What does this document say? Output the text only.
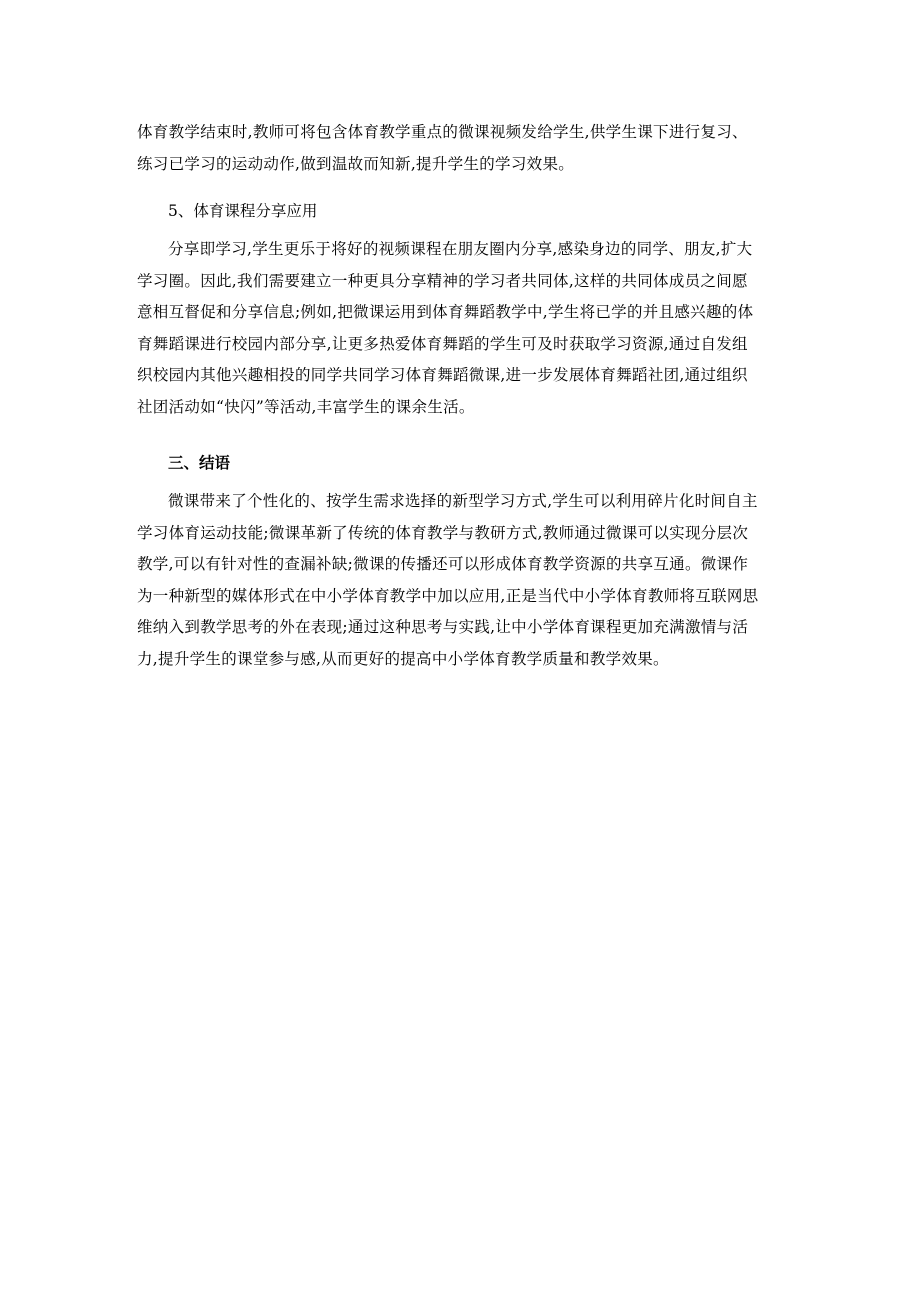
体育教学结束时,教师可将包含体育教学重点的微课视频发给学生,供学生课下进行复习、
练习已学习的运动动作,做到温故而知新,提升学生的学习效果。

5、体育课程分享应用

分享即学习,学生更乐于将好的视频课程在朋友圈内分享,感染身边的同学、朋友,扩大
学习圈。因此,我们需要建立一种更具分享精神的学习者共同体,这样的共同体成员之间愿
意相互督促和分享信息;例如,把微课运用到体育舞蹈教学中,学生将已学的并且感兴趣的体
育舞蹈课进行校园内部分享,让更多热爱体育舞蹈的学生可及时获取学习资源,通过自发组
织校园内其他兴趣相投的同学共同学习体育舞蹈微课,进一步发展体育舞蹈社团,通过组织
社团活动如“快闪”等活动,丰富学生的课余生活。

三、结语

微课带来了个性化的、按学生需求选择的新型学习方式,学生可以利用碎片化时间自主
学习体育运动技能;微课革新了传统的体育教学与教研方式,教师通过微课可以实现分层次
教学,可以有针对性的查漏补缺;微课的传播还可以形成体育教学资源的共享互通。微课作
为一种新型的媒体形式在中小学体育教学中加以应用,正是当代中小学体育教师将互联网思
维纳入到教学思考的外在表现;通过这种思考与实践,让中小学体育课程更加充满激情与活
力,提升学生的课堂参与感,从而更好的提高中小学体育教学质量和教学效果。
